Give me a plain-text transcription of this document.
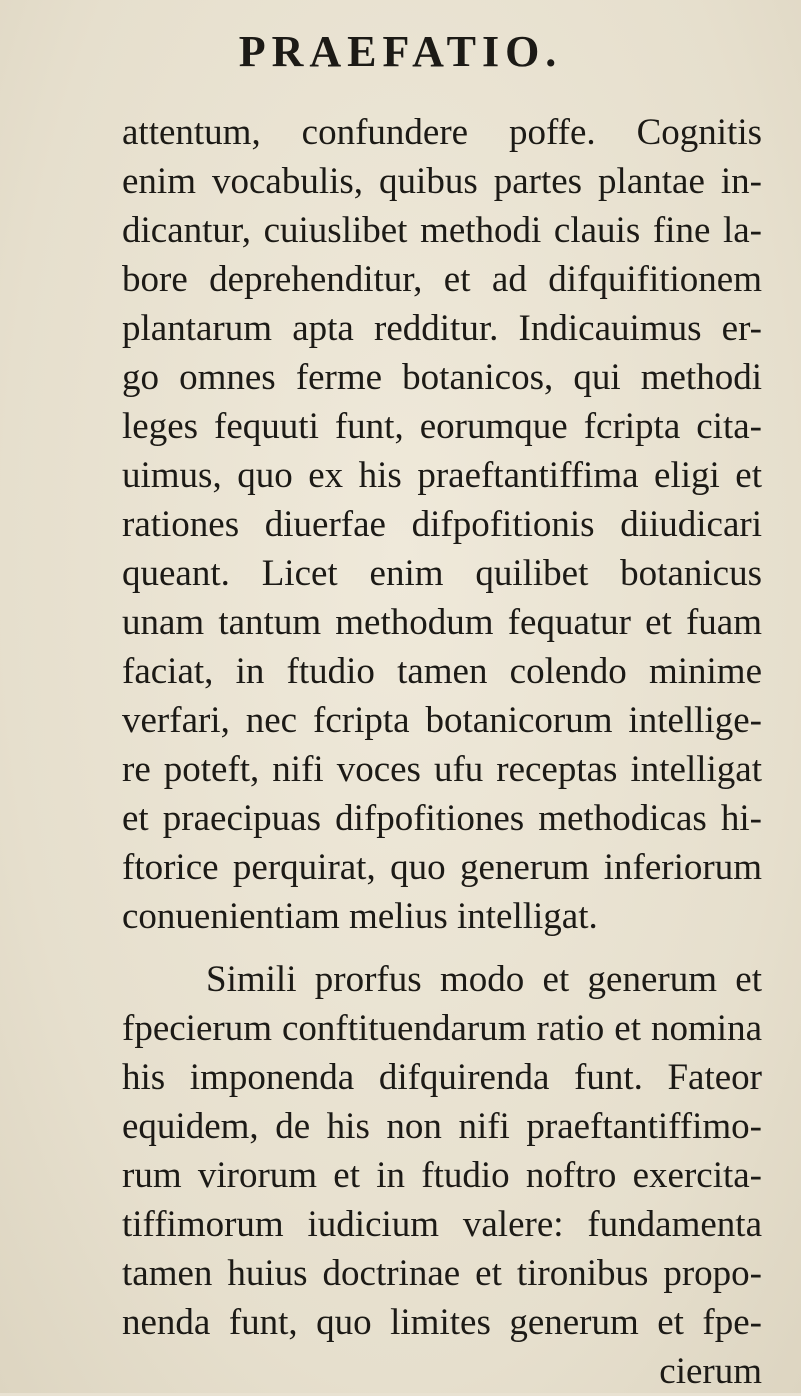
PRAEFATIO.
attentum, confundere poffe. Cognitis
enim vocabulis, quibus partes plantae in-
dicantur, cuiuslibet methodi clauis fine la-
bore deprehenditur, et ad difquifitionem
plantarum apta redditur. Indicauimus er-
go omnes ferme botanicos, qui methodi
leges fequuti funt, eorumque fcripta cita-
uimus, quo ex his praeftantiffima eligi et
rationes diuerfae difpofitionis diiudicari
queant. Licet enim quilibet botanicus
unam tantum methodum fequatur et fuam
faciat, in ftudio tamen colendo minime
verfari, nec fcripta botanicorum intellige-
re poteft, nifi voces ufu receptas intelligat
et praecipuas difpofitiones methodicas hi-
ftorice perquirat, quo generum inferiorum
conuenientiam melius intelligat.
Simili prorfus modo et generum et
fpecierum conftituendarum ratio et nomina
his imponenda difquirenda funt. Fateor
equidem, de his non nifi praeftantiffimo-
rum virorum et in ftudio noftro exercita-
tiffimorum iudicium valere: fundamenta
tamen huius doctrinae et tironibus propo-
nenda funt, quo limites generum et fpe-
cierum
